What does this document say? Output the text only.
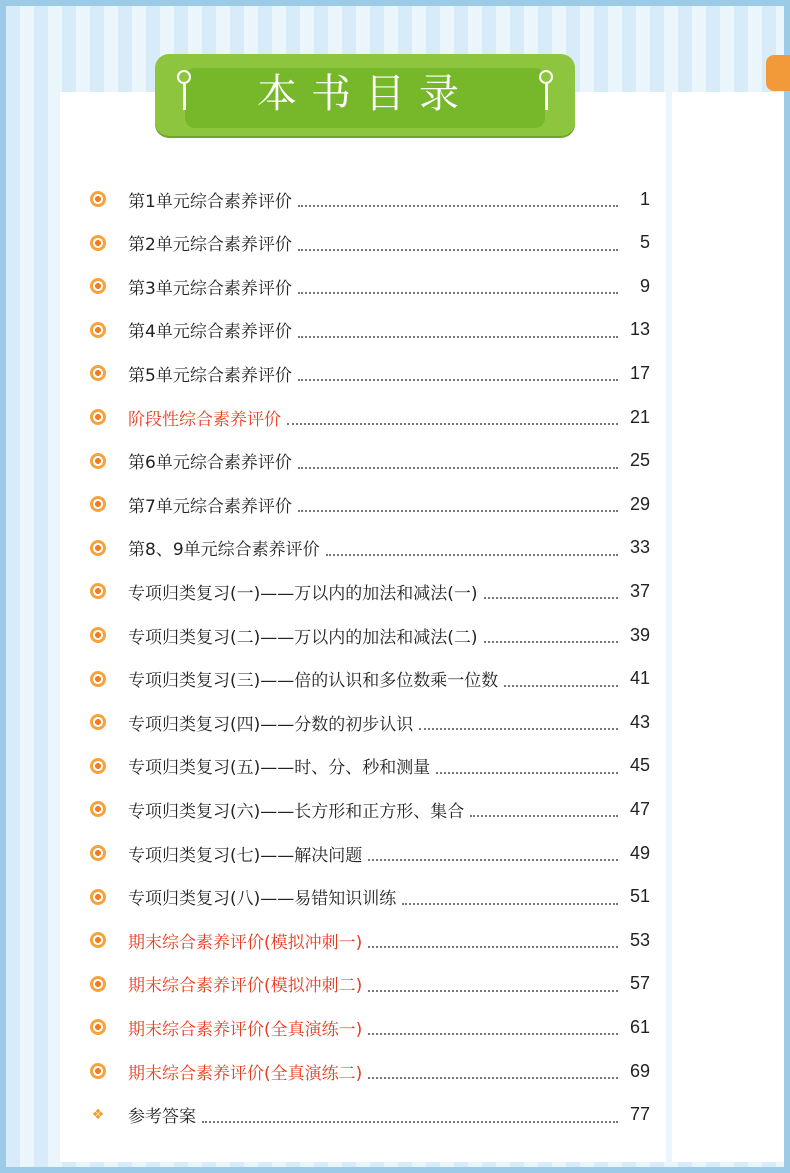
本书目录
第1单元综合素养评价	1
第2单元综合素养评价	5
第3单元综合素养评价	9
第4单元综合素养评价	13
第5单元综合素养评价	17
阶段性综合素养评价	21
第6单元综合素养评价	25
第7单元综合素养评价	29
第8、9单元综合素养评价	33
专项归类复习(一)——万以内的加法和减法(一)	37
专项归类复习(二)——万以内的加法和减法(二)	39
专项归类复习(三)——倍的认识和多位数乘一位数	41
专项归类复习(四)——分数的初步认识	43
专项归类复习(五)——时、分、秒和测量	45
专项归类复习(六)——长方形和正方形、集合	47
专项归类复习(七)——解决问题	49
专项归类复习(八)——易错知识训练	51
期末综合素养评价(模拟冲刺一)	53
期末综合素养评价(模拟冲刺二)	57
期末综合素养评价(全真演练一)	61
期末综合素养评价(全真演练二)	69
❖ 参考答案	77
